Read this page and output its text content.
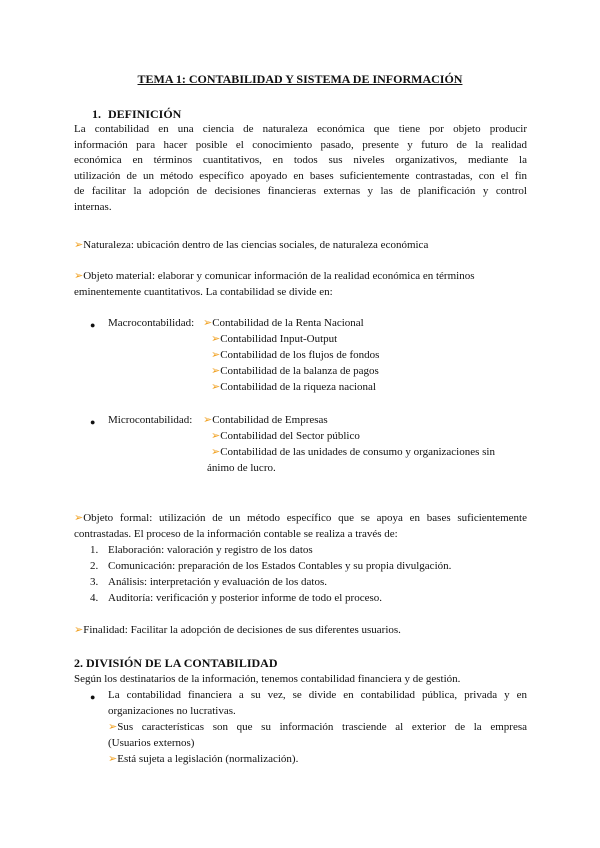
TEMA 1: CONTABILIDAD Y SISTEMA DE INFORMACIÓN
1. DEFINICIÓN
La contabilidad en una ciencia de naturaleza económica que tiene por objeto producir
información para hacer posible el conocimiento pasado, presente y futuro de la realidad
económica en términos cuantitativos, en todos sus niveles organizativos, mediante la
utilización de un método específico apoyado en bases suficientemente contrastadas, con el fin
de facilitar la adopción de decisiones financieras externas y las de planificación y control
internas.
➢Naturaleza: ubicación dentro de las ciencias sociales, de naturaleza económica
➢Objeto material: elaborar y comunicar información de la realidad económica en términos
eminentemente cuantitativos. La contabilidad se divide en:
● Macrocontabilidad: ➢Contabilidad de la Renta Nacional
➢Contabilidad Input-Output
➢Contabilidad de los flujos de fondos
➢Contabilidad de la balanza de pagos
➢Contabilidad de la riqueza nacional
● Microcontabilidad: ➢Contabilidad de Empresas
➢Contabilidad del Sector público
➢Contabilidad de las unidades de consumo y organizaciones sin
ánimo de lucro.
➢Objeto formal: utilización de un método específico que se apoya en bases suficientemente
contrastadas. El proceso de la información contable se realiza a través de:
1. Elaboración: valoración y registro de los datos
2. Comunicación: preparación de los Estados Contables y su propia divulgación.
3. Análisis: interpretación y evaluación de los datos.
4. Auditoría: verificación y posterior informe de todo el proceso.
➢Finalidad: Facilitar la adopción de decisiones de sus diferentes usuarios.
2. DIVISIÓN DE LA CONTABILIDAD
Según los destinatarios de la información, tenemos contabilidad financiera y de gestión.
● La contabilidad financiera a su vez, se divide en contabilidad pública, privada y en
organizaciones no lucrativas.
➢Sus características son que su información trasciende al exterior de la empresa
(Usuarios externos)
➢Está sujeta a legislación (normalización).
